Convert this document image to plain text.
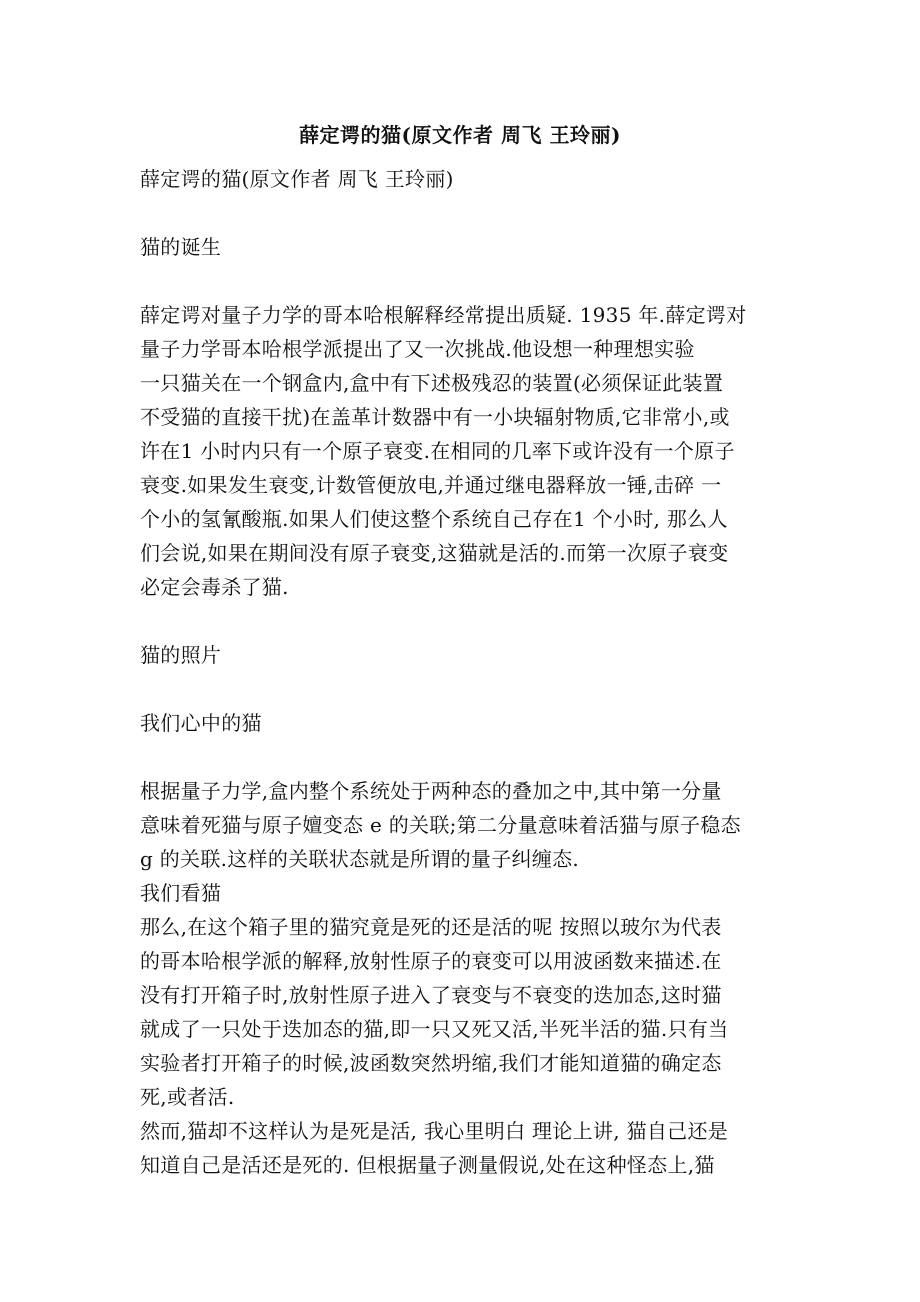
薛定谔的猫(原文作者 周飞 王玲丽)
薛定谔的猫(原文作者 周飞 王玲丽)
猫的诞生
薛定谔对量子力学的哥本哈根解释经常提出质疑. 1935 年.薛定谔对
量子力学哥本哈根学派提出了又一次挑战.他设想一种理想实验
一只猫关在一个钢盒内,盒中有下述极残忍的装置(必须保证此装置
不受猫的直接干扰)在盖革计数器中有一小块辐射物质,它非常小,或
许在1 小时内只有一个原子衰变.在相同的几率下或许没有一个原子
衰变.如果发生衰变,计数管便放电,并通过继电器释放一锤,击碎 一
个小的氢氰酸瓶.如果人们使这整个系统自己存在1 个小时, 那么人
们会说,如果在期间没有原子衰变,这猫就是活的.而第一次原子衰变
必定会毒杀了猫.
猫的照片
我们心中的猫
根据量子力学,盒内整个系统处于两种态的叠加之中,其中第一分量
意味着死猫与原子嬗变态 e 的关联;第二分量意味着活猫与原子稳态
g 的关联.这样的关联状态就是所谓的量子纠缠态.
我们看猫
那么,在这个箱子里的猫究竟是死的还是活的呢 按照以玻尔为代表
的哥本哈根学派的解释,放射性原子的衰变可以用波函数来描述.在
没有打开箱子时,放射性原子进入了衰变与不衰变的迭加态,这时猫
就成了一只处于迭加态的猫,即一只又死又活,半死半活的猫.只有当
实验者打开箱子的时候,波函数突然坍缩,我们才能知道猫的确定态
死,或者活.
然而,猫却不这样认为是死是活, 我心里明白 理论上讲, 猫自己还是
知道自己是活还是死的. 但根据量子测量假说,处在这种怪态上,猫
